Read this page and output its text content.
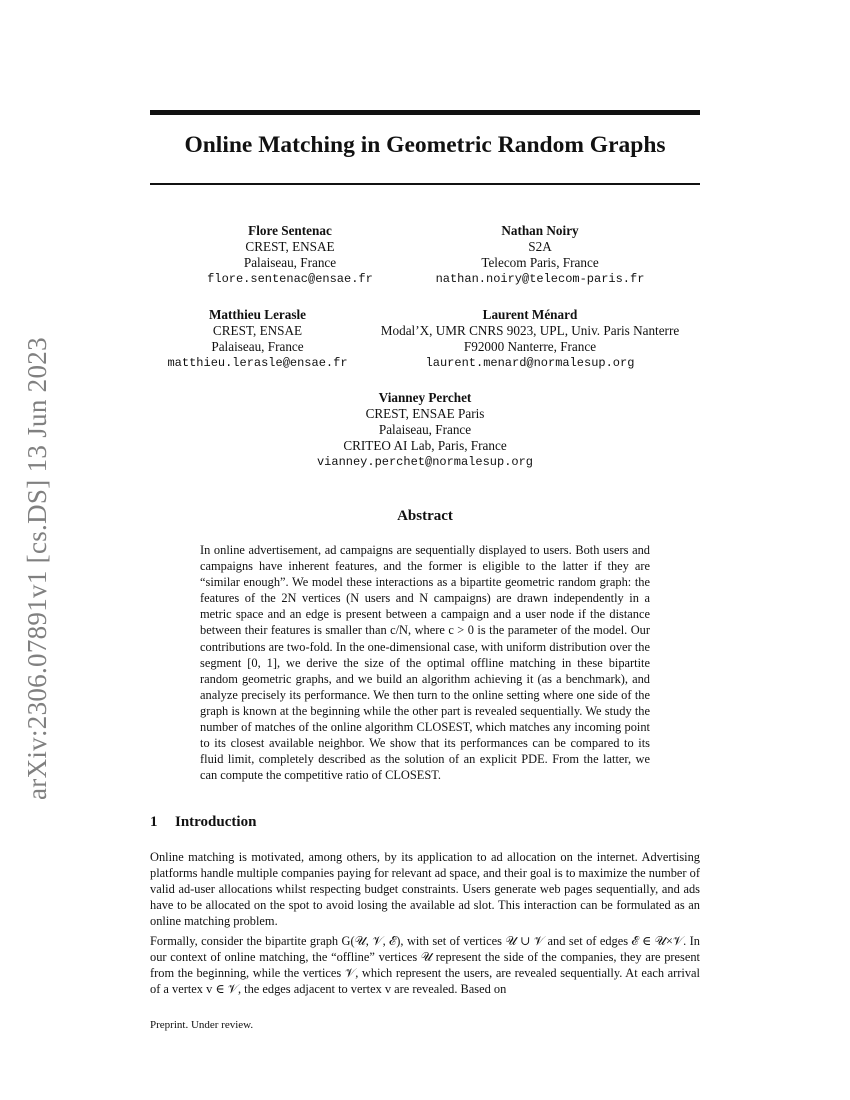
arXiv:2306.07891v1 [cs.DS] 13 Jun 2023
Online Matching in Geometric Random Graphs
Flore Sentenac
CREST, ENSAE
Palaiseau, France
flore.sentenac@ensae.fr
Nathan Noiry
S2A
Telecom Paris, France
nathan.noiry@telecom-paris.fr
Matthieu Lerasle
CREST, ENSAE
Palaiseau, France
matthieu.lerasle@ensae.fr
Laurent Ménard
Modal’X, UMR CNRS 9023, UPL, Univ. Paris Nanterre
F92000 Nanterre, France
laurent.menard@normalesup.org
Vianney Perchet
CREST, ENSAE Paris
Palaiseau, France
CRITEO AI Lab, Paris, France
vianney.perchet@normalesup.org
Abstract

In online advertisement, ad campaigns are sequentially displayed to users. Both users and campaigns have inherent features, and the former is eligible to the latter if they are “similar enough”. We model these interactions as a bipartite geometric random graph: the features of the 2N vertices (N users and N campaigns) are drawn independently in a metric space and an edge is present between a campaign and a user node if the distance between their features is smaller than c/N, where c > 0 is the parameter of the model. Our contributions are two-fold. In the one-dimensional case, with uniform distribution over the segment [0, 1], we derive the size of the optimal offline matching in these bipartite random geometric graphs, and we build an algorithm achieving it (as a benchmark), and analyze precisely its performance. We then turn to the online setting where one side of the graph is known at the beginning while the other part is revealed sequentially. We study the number of matches of the online algorithm CLOSEST, which matches any incoming point to its closest available neighbor. We show that its performances can be compared to its fluid limit, completely described as the solution of an explicit PDE. From the latter, we can compute the competitive ratio of CLOSEST.

1 Introduction

Online matching is motivated, among others, by its application to ad allocation on the internet. Advertising platforms handle multiple companies paying for relevant ad space, and their goal is to maximize the number of valid ad-user allocations whilst respecting budget constraints. Users generate web pages sequentially, and ads have to be allocated on the spot to avoid losing the available ad slot. This interaction can be formulated as an online matching problem.

Formally, consider the bipartite graph G(𝒰, 𝒱, ℰ), with set of vertices 𝒰 ∪ 𝒱 and set of edges ℰ ∈ 𝒰×𝒱. In our context of online matching, the “offline” vertices 𝒰 represent the side of the companies, they are present from the beginning, while the vertices 𝒱, which represent the users, are revealed sequentially. At each arrival of a vertex v ∈ 𝒱, the edges adjacent to vertex v are revealed. Based on

Preprint. Under review.
